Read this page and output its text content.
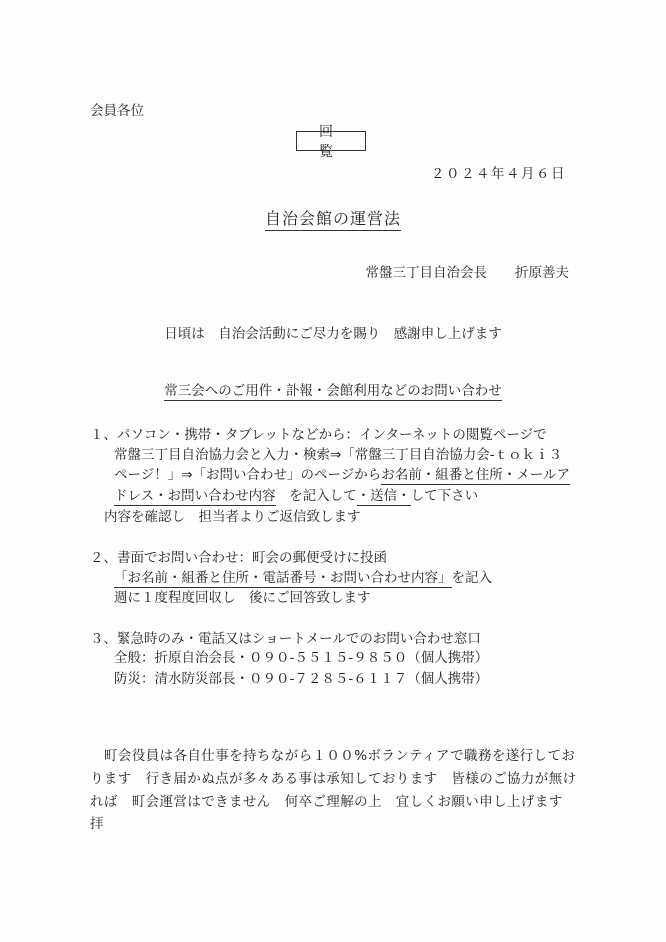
会員各位
回覧
２０２４年４月６日
自治会館の運営法
常盤三丁目自治会長 折原善夫
日頃は　自治会活動にご尽力を賜り　感謝申し上げます
常三会へのご用件・訃報・会館利用などのお問い合わせ
１、パソコン・携帯・タブレットなどから：インターネットの閲覧ページで
常盤三丁目自治協力会と入力・検索⇒「常盤三丁目自治協力会-ｔｏｋｉ３
ページ！」⇒「お問い合わせ」のページからお名前・組番と住所・メールア
ドレス・お問い合わせ内容　を記入して・送信・して下さい
内容を確認し　担当者よりご返信致します
２、書面でお問い合わせ：町会の郵便受けに投函
「お名前・組番と住所・電話番号・お問い合わせ内容」を記入
週に１度程度回収し　後にご回答致します
３、緊急時のみ・電話又はショートメールでのお問い合わせ窓口
全般：折原自治会長・０９０-５５１５-９８５０（個人携帯）
防災：清水防災部長・０９０-７２８５-６１１７（個人携帯）
町会役員は各自仕事を持ちながら１００%ボランティアで職務を遂行してお
ります　行き届かぬ点が多々ある事は承知しております　皆様のご協力が無け
れば　町会運営はできません　何卒ご理解の上　宜しくお願い申し上げます
拝
